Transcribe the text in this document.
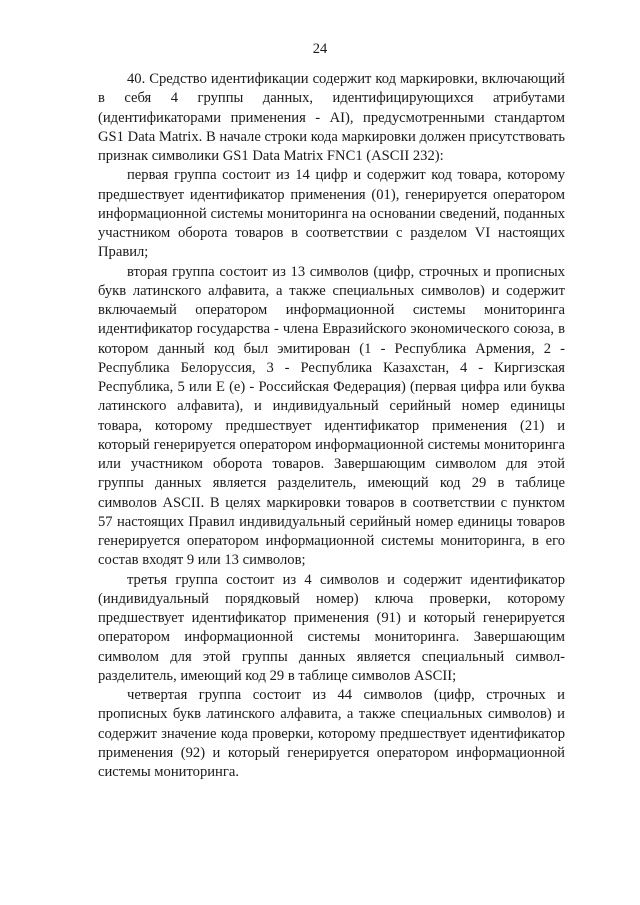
24

40. Средство идентификации содержит код маркировки, включающий в себя 4 группы данных, идентифицирующихся атрибутами (идентификаторами применения - AI), предусмотренными стандартом GS1 Data Matrix. В начале строки кода маркировки должен присутствовать признак символики GS1 Data Matrix FNC1 (ASCII 232):

первая группа состоит из 14 цифр и содержит код товара, которому предшествует идентификатор применения (01), генерируется оператором информационной системы мониторинга на основании сведений, поданных участником оборота товаров в соответствии с разделом VI настоящих Правил;

вторая группа состоит из 13 символов (цифр, строчных и прописных букв латинского алфавита, а также специальных символов) и содержит включаемый оператором информационной системы мониторинга идентификатор государства - члена Евразийского экономического союза, в котором данный код был эмитирован (1 - Республика Армения, 2 - Республика Белоруссия, 3 - Республика Казахстан, 4 - Киргизская Республика, 5 или Е (е) - Российская Федерация) (первая цифра или буква латинского алфавита), и индивидуальный серийный номер единицы товара, которому предшествует идентификатор применения (21) и который генерируется оператором информационной системы мониторинга или участником оборота товаров. Завершающим символом для этой группы данных является разделитель, имеющий код 29 в таблице символов ASCII. В целях маркировки товаров в соответствии с пунктом 57 настоящих Правил индивидуальный серийный номер единицы товаров генерируется оператором информационной системы мониторинга, в его состав входят 9 или 13 символов;

третья группа состоит из 4 символов и содержит идентификатор (индивидуальный порядковый номер) ключа проверки, которому предшествует идентификатор применения (91) и который генерируется оператором информационной системы мониторинга. Завершающим символом для этой группы данных является специальный символ-разделитель, имеющий код 29 в таблице символов ASCII;

четвертая группа состоит из 44 символов (цифр, строчных и прописных букв латинского алфавита, а также специальных символов) и содержит значение кода проверки, которому предшествует идентификатор применения (92) и который генерируется оператором информационной системы мониторинга.
